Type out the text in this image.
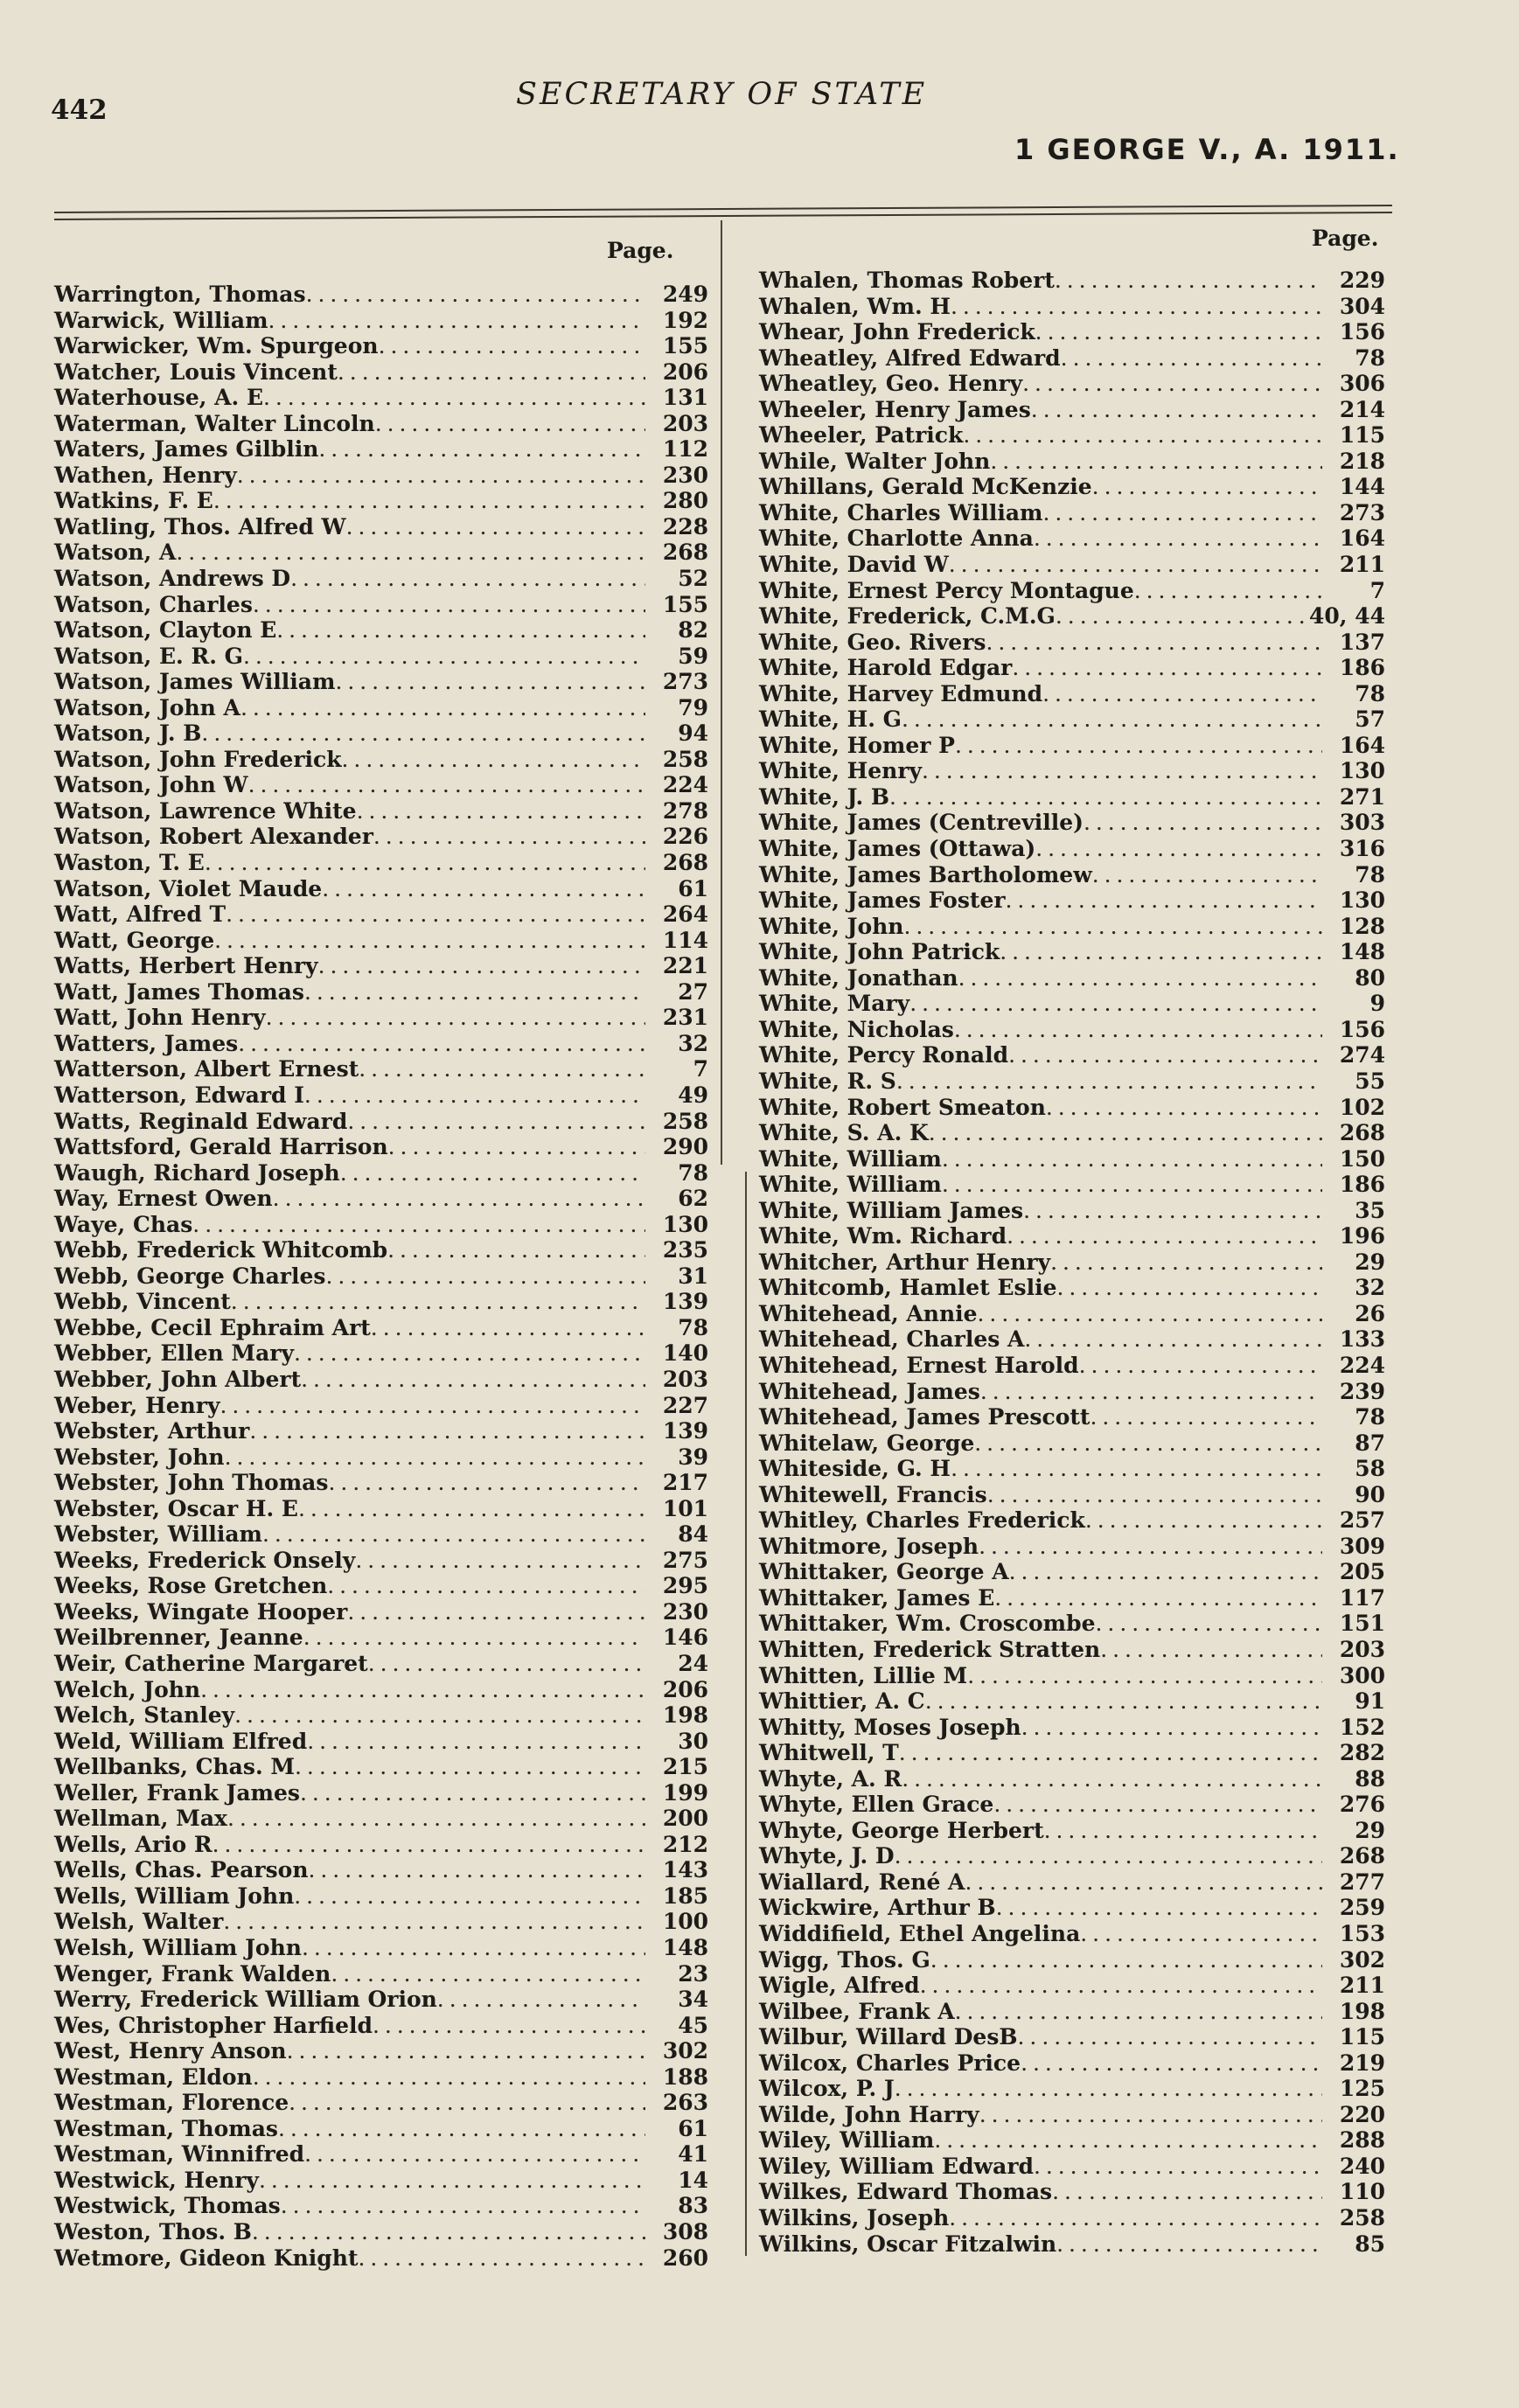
442	SECRETARY OF STATE
1 GEORGE V., A. 1911.
Page.	Page.
Warrington, Thomas . . .	249
Warwick, William . . .	192
Warwicker, Wm. Spurgeon . . .	155
Watcher, Louis Vincent . . .	206
Waterhouse, A. E . . .	131
Waterman, Walter Lincoln . . .	203
Waters, James Gilblin . . .	112
Wathen, Henry . . .	230
Watkins, F. E . . .	280
Watling, Thos. Alfred W . . .	228
Watson, A . . .	268
Watson, Andrews D . . .	52
Watson, Charles . . .	155
Watson, Clayton E . . .	82
Watson, E. R. G . . .	59
Watson, James William . . .	273
Watson, John A . . .	79
Watson, J. B . . .	94
Watson, John Frederick . . .	258
Watson, John W . . .	224
Watson, Lawrence White . . .	278
Watson, Robert Alexander . . .	226
Waston, T. E . . .	268
Watson, Violet Maude . . .	61
Watt, Alfred T . . .	264
Watt, George . . .	114
Watts, Herbert Henry . . .	221
Watt, James Thomas . . .	27
Watt, John Henry . . .	231
Watters, James . . .	32
Watterson, Albert Ernest . . .	7
Watterson, Edward I . . .	49
Watts, Reginald Edward . . .	258
Wattsford, Gerald Harrison . . .	290
Waugh, Richard Joseph . . .	78
Way, Ernest Owen . . .	62
Waye, Chas . . .	130
Webb, Frederick Whitcomb . . .	235
Webb, George Charles . . .	31
Webb, Vincent . . .	139
Webbe, Cecil Ephraim Art . . .	78
Webber, Ellen Mary . . .	140
Webber, John Albert . . .	203
Weber, Henry . . .	227
Webster, Arthur . . .	139
Webster, John . . .	39
Webster, John Thomas . . .	217
Webster, Oscar H. E . . .	101
Webster, William . . .	84
Weeks, Frederick Onsely . . .	275
Weeks, Rose Gretchen . . .	295
Weeks, Wingate Hooper . . .	230
Weilbrenner, Jeanne . . .	146
Weir, Catherine Margaret . . .	24
Welch, John . . .	206
Welch, Stanley . . .	198
Weld, William Elfred . . .	30
Wellbanks, Chas. M . . .	215
Weller, Frank James . . .	199
Wellman, Max . . .	200
Wells, Ario R . . .	212
Wells, Chas. Pearson . . .	143
Wells, William John . . .	185
Welsh, Walter . . .	100
Welsh, William John . . .	148
Wenger, Frank Walden . . .	23
Werry, Frederick William Orion . . .	34
Wes, Christopher Harfield . . .	45
West, Henry Anson . . .	302
Westman, Eldon . . .	188
Westman, Florence . . .	263
Westman, Thomas . . .	61
Westman, Winnifred . . .	41
Westwick, Henry . . .	14
Westwick, Thomas . . .	83
Weston, Thos. B . . .	308
Wetmore, Gideon Knight . . .	260
Whalen, Thomas Robert . . .	229
Whalen, Wm. H . . .	304
Whear, John Frederick . . .	156
Wheatley, Alfred Edward . . .	78
Wheatley, Geo. Henry . . .	306
Wheeler, Henry James . . .	214
Wheeler, Patrick . . .	115
While, Walter John . . .	218
Whillans, Gerald McKenzie . . .	144
White, Charles William . . .	273
White, Charlotte Anna . . .	164
White, David W . . .	211
White, Ernest Percy Montague . . .	7
White, Frederick, C.M.G . . .	40, 44
White, Geo. Rivers . . .	137
White, Harold Edgar . . .	186
White, Harvey Edmund . . .	78
White, H. G . . .	57
White, Homer P . . .	164
White, Henry . . .	130
White, J. B . . .	271
White, James (Centreville) . . .	303
White, James (Ottawa) . . .	316
White, James Bartholomew . . .	78
White, James Foster . . .	130
White, John . . .	128
White, John Patrick . . .	148
White, Jonathan . . .	80
White, Mary . . .	9
White, Nicholas . . .	156
White, Percy Ronald . . .	274
White, R. S . . .	55
White, Robert Smeaton . . .	102
White, S. A. K . . .	268
White, William . . .	150
White, William . . .	186
White, William James . . .	35
White, Wm. Richard . . .	196
Whitcher, Arthur Henry . . .	29
Whitcomb, Hamlet Eslie . . .	32
Whitehead, Annie . . .	26
Whitehead, Charles A . . .	133
Whitehead, Ernest Harold . . .	224
Whitehead, James . . .	239
Whitehead, James Prescott . . .	78
Whitelaw, George . . .	87
Whiteside, G. H . . .	58
Whitewell, Francis . . .	90
Whitley, Charles Frederick . . .	257
Whitmore, Joseph . . .	309
Whittaker, George A . . .	205
Whittaker, James E . . .	117
Whittaker, Wm. Croscombe . . .	151
Whitten, Frederick Stratten . . .	203
Whitten, Lillie M . . .	300
Whittier, A. C . . .	91
Whitty, Moses Joseph . . .	152
Whitwell, T . . .	282
Whyte, A. R . . .	88
Whyte, Ellen Grace . . .	276
Whyte, George Herbert . . .	29
Whyte, J. D . . .	268
Wiallard, René A . . .	277
Wickwire, Arthur B . . .	259
Widdifield, Ethel Angelina . . .	153
Wigg, Thos. G . . .	302
Wigle, Alfred . . .	211
Wilbee, Frank A . . .	198
Wilbur, Willard DesB . . .	115
Wilcox, Charles Price . . .	219
Wilcox, P. J . . .	125
Wilde, John Harry . . .	220
Wiley, William . . .	288
Wiley, William Edward . . .	240
Wilkes, Edward Thomas . . .	110
Wilkins, Joseph . . .	258
Wilkins, Oscar Fitzalwin . . .	85
